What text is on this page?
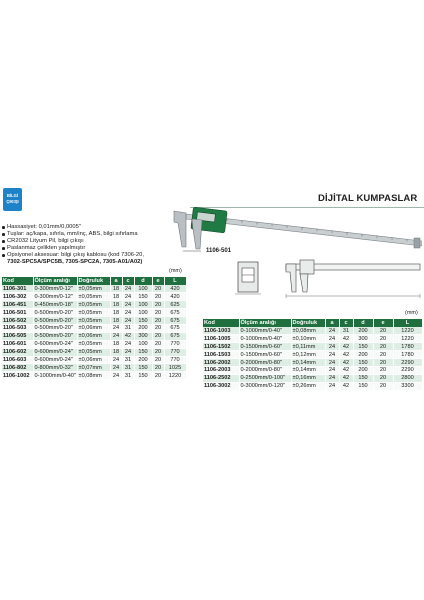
BİLGİ
ÇIKIŞI	DİJİTAL KUMPASLAR
1106-501
Hassasiyet: 0,01mm/0,0005"
Tuşlar: aç/kapa, sıfırla, mm/inç, ABS, bilgi sıfırlama
CR2032 Lityum Pil, bilgi çıkışı
Paslanmaz çelikten yapılmıştır
Opsiyonel aksesuar: bilgi çıkış kablosu (kod 7306-20,
7302-SPC5A/SPC5B, 7305-SPC2A, 7305-A01/A02)
(mm)
(mm)
Kod	Ölçüm aralığı	Doğruluk	a	c	d	e	L
1106-301	0-300mm/0-12"	±0,05mm	18	24	100	20	420
1106-302	0-300mm/0-12"	±0,05mm	18	24	150	20	420
1106-451	0-450mm/0-18"	±0,05mm	18	24	100	20	625
1106-501	0-500mm/0-20"	±0,05mm	18	24	100	20	675
1106-502	0-500mm/0-20"	±0,05mm	18	24	150	20	675
1106-503	0-500mm/0-20"	±0,06mm	24	31	200	20	675
1106-505	0-500mm/0-20"	±0,06mm	24	42	300	20	675
1106-601	0-600mm/0-24"	±0,05mm	18	24	100	20	770
1106-602	0-600mm/0-24"	±0,05mm	18	24	150	20	770
1106-603	0-600mm/0-24"	±0,06mm	24	31	200	20	770
1106-802	0-800mm/0-32"	±0,07mm	24	31	150	20	1025
1106-1002	0-1000mm/0-40"	±0,08mm	24	31	150	20	1220
Kod	Ölçüm aralığı	Doğruluk	a	c	d	e	L
1106-1003	0-1000mm/0-40"	±0,08mm	24	31	200	20	1220
1106-1005	0-1000mm/0-40"	±0,10mm	24	42	300	20	1220
1106-1502	0-1500mm/0-60"	±0,11mm	24	42	150	20	1780
1106-1503	0-1500mm/0-60"	±0,12mm	24	42	200	20	1780
1106-2002	0-2000mm/0-80"	±0,14mm	24	42	150	20	2290
1106-2003	0-2000mm/0-80"	±0,14mm	24	42	200	20	2290
1106-2502	0-2500mm/0-100"	±0,16mm	24	42	150	20	2800
1106-3002	0-3000mm/0-120"	±0,26mm	24	42	150	20	3300
